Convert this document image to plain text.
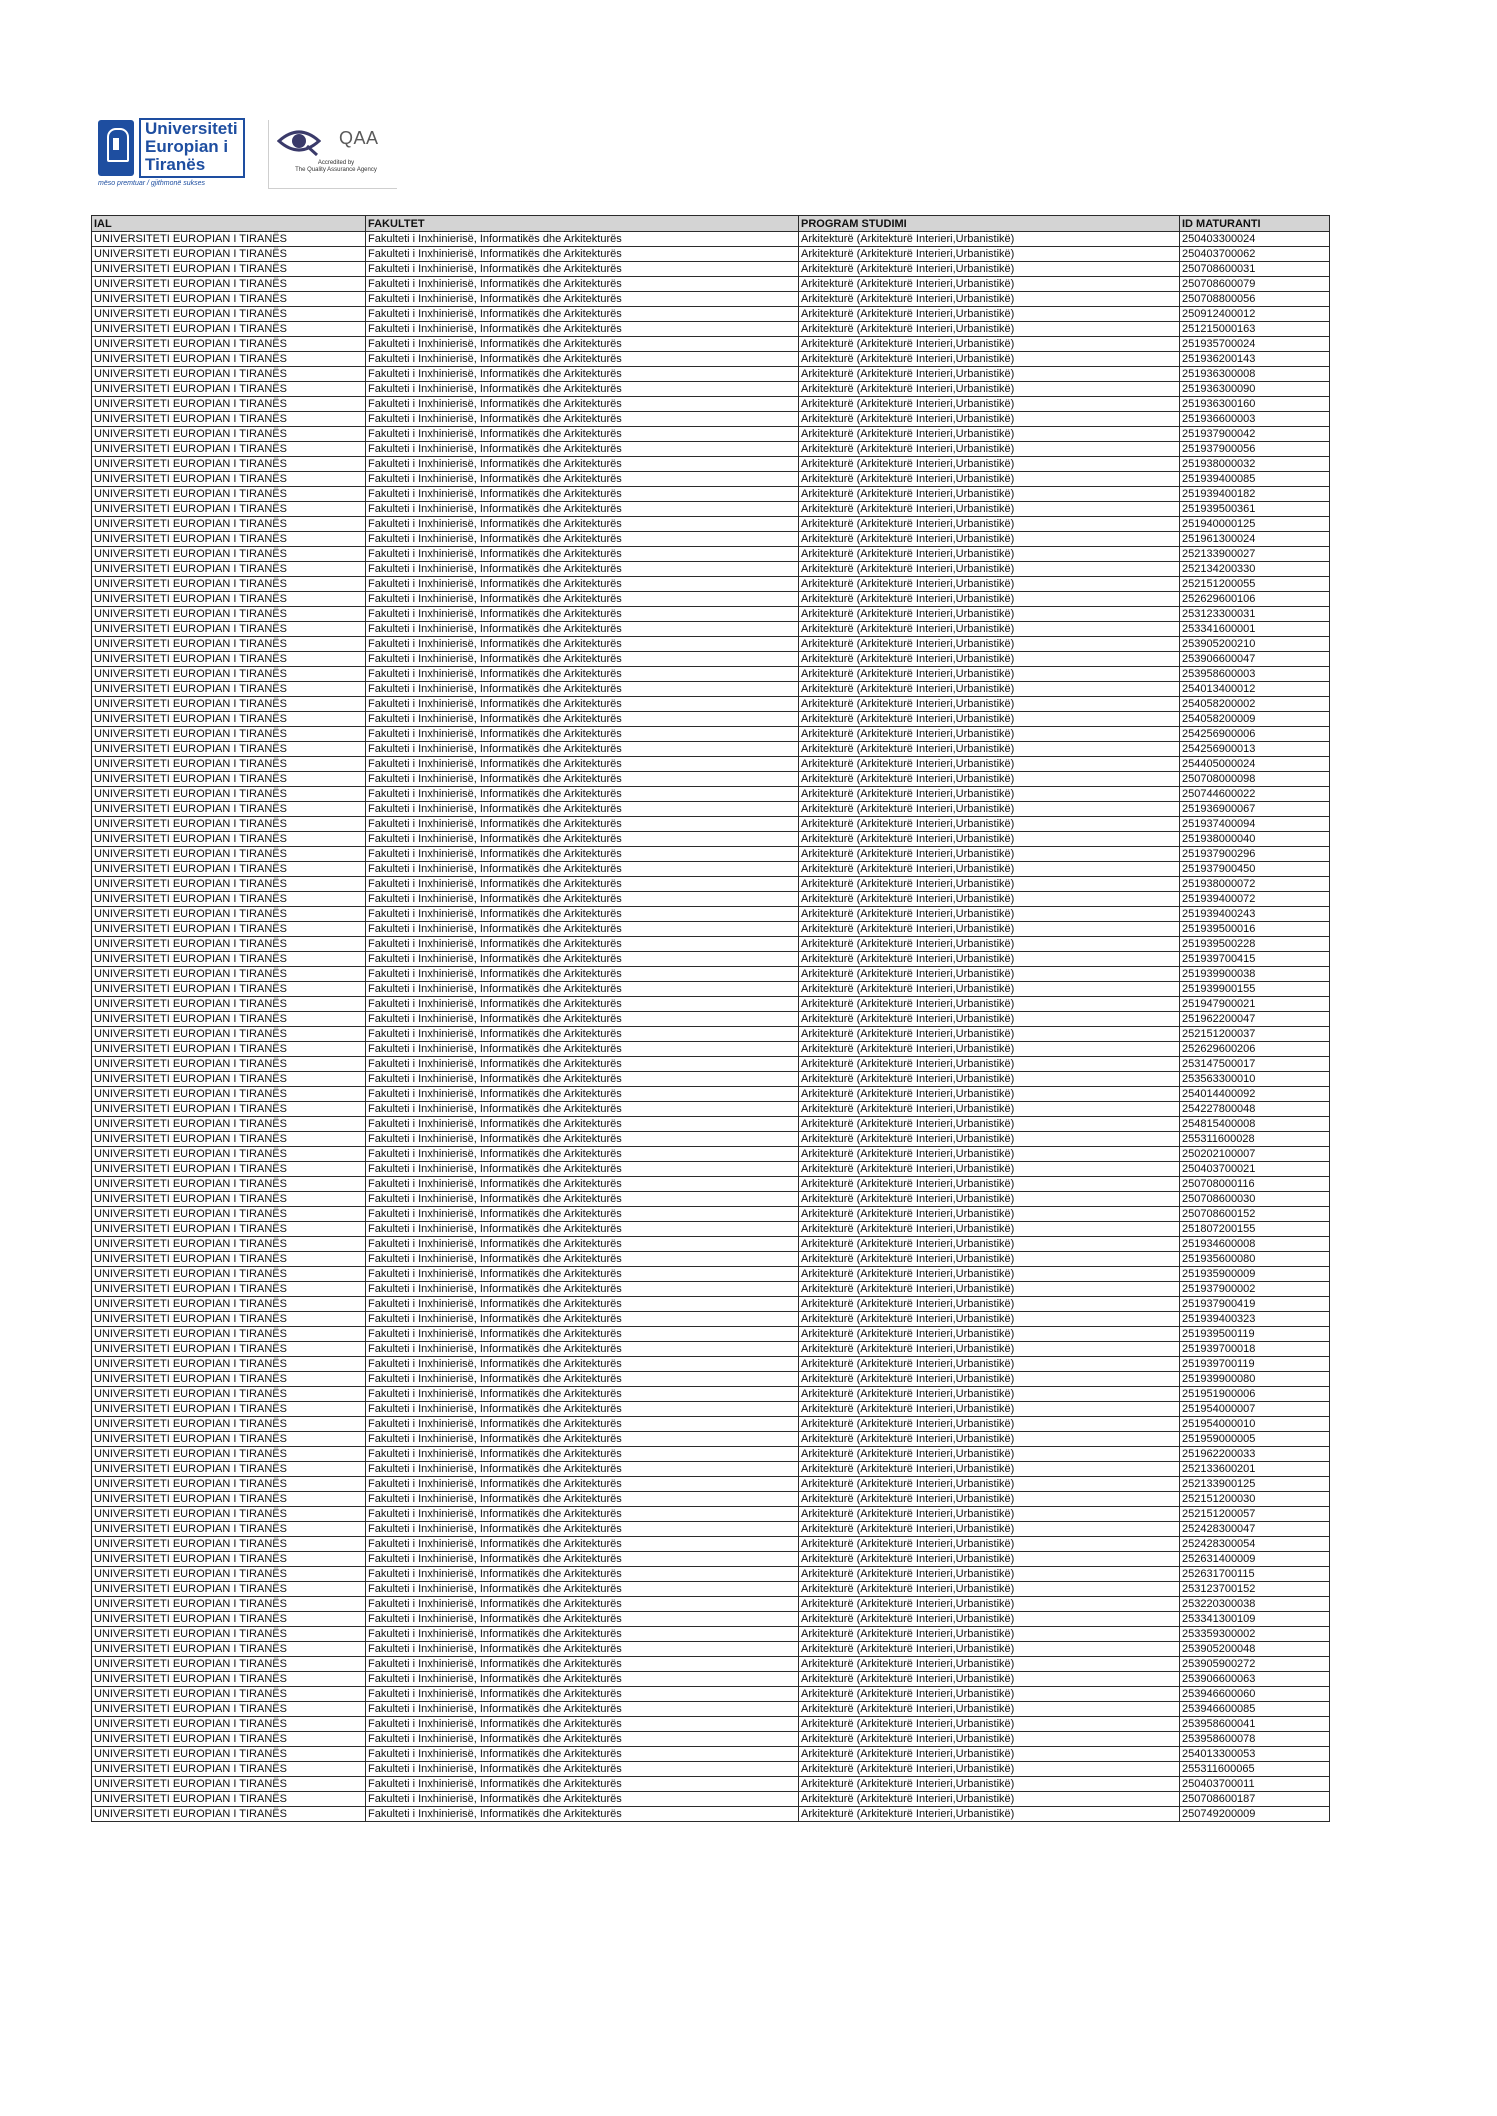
Universiteti
Europian i
Tiranës
mëso premtuar / gjithmonë sukses
QAA
Accredited by
The Quality Assurance Agency
IAL	FAKULTET	PROGRAM STUDIMI	ID MATURANTI
UNIVERSITETI EUROPIAN I TIRANËS	Fakulteti i Inxhinierisë, Informatikës dhe Arkitekturës	Arkitekturë (Arkitekturë Interieri,Urbanistikë)	250403300024
UNIVERSITETI EUROPIAN I TIRANËS	Fakulteti i Inxhinierisë, Informatikës dhe Arkitekturës	Arkitekturë (Arkitekturë Interieri,Urbanistikë)	250403700062
UNIVERSITETI EUROPIAN I TIRANËS	Fakulteti i Inxhinierisë, Informatikës dhe Arkitekturës	Arkitekturë (Arkitekturë Interieri,Urbanistikë)	250708600031
UNIVERSITETI EUROPIAN I TIRANËS	Fakulteti i Inxhinierisë, Informatikës dhe Arkitekturës	Arkitekturë (Arkitekturë Interieri,Urbanistikë)	250708600079
UNIVERSITETI EUROPIAN I TIRANËS	Fakulteti i Inxhinierisë, Informatikës dhe Arkitekturës	Arkitekturë (Arkitekturë Interieri,Urbanistikë)	250708800056
UNIVERSITETI EUROPIAN I TIRANËS	Fakulteti i Inxhinierisë, Informatikës dhe Arkitekturës	Arkitekturë (Arkitekturë Interieri,Urbanistikë)	250912400012
UNIVERSITETI EUROPIAN I TIRANËS	Fakulteti i Inxhinierisë, Informatikës dhe Arkitekturës	Arkitekturë (Arkitekturë Interieri,Urbanistikë)	251215000163
UNIVERSITETI EUROPIAN I TIRANËS	Fakulteti i Inxhinierisë, Informatikës dhe Arkitekturës	Arkitekturë (Arkitekturë Interieri,Urbanistikë)	251935700024
UNIVERSITETI EUROPIAN I TIRANËS	Fakulteti i Inxhinierisë, Informatikës dhe Arkitekturës	Arkitekturë (Arkitekturë Interieri,Urbanistikë)	251936200143
UNIVERSITETI EUROPIAN I TIRANËS	Fakulteti i Inxhinierisë, Informatikës dhe Arkitekturës	Arkitekturë (Arkitekturë Interieri,Urbanistikë)	251936300008
UNIVERSITETI EUROPIAN I TIRANËS	Fakulteti i Inxhinierisë, Informatikës dhe Arkitekturës	Arkitekturë (Arkitekturë Interieri,Urbanistikë)	251936300090
UNIVERSITETI EUROPIAN I TIRANËS	Fakulteti i Inxhinierisë, Informatikës dhe Arkitekturës	Arkitekturë (Arkitekturë Interieri,Urbanistikë)	251936300160
UNIVERSITETI EUROPIAN I TIRANËS	Fakulteti i Inxhinierisë, Informatikës dhe Arkitekturës	Arkitekturë (Arkitekturë Interieri,Urbanistikë)	251936600003
UNIVERSITETI EUROPIAN I TIRANËS	Fakulteti i Inxhinierisë, Informatikës dhe Arkitekturës	Arkitekturë (Arkitekturë Interieri,Urbanistikë)	251937900042
UNIVERSITETI EUROPIAN I TIRANËS	Fakulteti i Inxhinierisë, Informatikës dhe Arkitekturës	Arkitekturë (Arkitekturë Interieri,Urbanistikë)	251937900056
UNIVERSITETI EUROPIAN I TIRANËS	Fakulteti i Inxhinierisë, Informatikës dhe Arkitekturës	Arkitekturë (Arkitekturë Interieri,Urbanistikë)	251938000032
UNIVERSITETI EUROPIAN I TIRANËS	Fakulteti i Inxhinierisë, Informatikës dhe Arkitekturës	Arkitekturë (Arkitekturë Interieri,Urbanistikë)	251939400085
UNIVERSITETI EUROPIAN I TIRANËS	Fakulteti i Inxhinierisë, Informatikës dhe Arkitekturës	Arkitekturë (Arkitekturë Interieri,Urbanistikë)	251939400182
UNIVERSITETI EUROPIAN I TIRANËS	Fakulteti i Inxhinierisë, Informatikës dhe Arkitekturës	Arkitekturë (Arkitekturë Interieri,Urbanistikë)	251939500361
UNIVERSITETI EUROPIAN I TIRANËS	Fakulteti i Inxhinierisë, Informatikës dhe Arkitekturës	Arkitekturë (Arkitekturë Interieri,Urbanistikë)	251940000125
UNIVERSITETI EUROPIAN I TIRANËS	Fakulteti i Inxhinierisë, Informatikës dhe Arkitekturës	Arkitekturë (Arkitekturë Interieri,Urbanistikë)	251961300024
UNIVERSITETI EUROPIAN I TIRANËS	Fakulteti i Inxhinierisë, Informatikës dhe Arkitekturës	Arkitekturë (Arkitekturë Interieri,Urbanistikë)	252133900027
UNIVERSITETI EUROPIAN I TIRANËS	Fakulteti i Inxhinierisë, Informatikës dhe Arkitekturës	Arkitekturë (Arkitekturë Interieri,Urbanistikë)	252134200330
UNIVERSITETI EUROPIAN I TIRANËS	Fakulteti i Inxhinierisë, Informatikës dhe Arkitekturës	Arkitekturë (Arkitekturë Interieri,Urbanistikë)	252151200055
UNIVERSITETI EUROPIAN I TIRANËS	Fakulteti i Inxhinierisë, Informatikës dhe Arkitekturës	Arkitekturë (Arkitekturë Interieri,Urbanistikë)	252629600106
UNIVERSITETI EUROPIAN I TIRANËS	Fakulteti i Inxhinierisë, Informatikës dhe Arkitekturës	Arkitekturë (Arkitekturë Interieri,Urbanistikë)	253123300031
UNIVERSITETI EUROPIAN I TIRANËS	Fakulteti i Inxhinierisë, Informatikës dhe Arkitekturës	Arkitekturë (Arkitekturë Interieri,Urbanistikë)	253341600001
UNIVERSITETI EUROPIAN I TIRANËS	Fakulteti i Inxhinierisë, Informatikës dhe Arkitekturës	Arkitekturë (Arkitekturë Interieri,Urbanistikë)	253905200210
UNIVERSITETI EUROPIAN I TIRANËS	Fakulteti i Inxhinierisë, Informatikës dhe Arkitekturës	Arkitekturë (Arkitekturë Interieri,Urbanistikë)	253906600047
UNIVERSITETI EUROPIAN I TIRANËS	Fakulteti i Inxhinierisë, Informatikës dhe Arkitekturës	Arkitekturë (Arkitekturë Interieri,Urbanistikë)	253958600003
UNIVERSITETI EUROPIAN I TIRANËS	Fakulteti i Inxhinierisë, Informatikës dhe Arkitekturës	Arkitekturë (Arkitekturë Interieri,Urbanistikë)	254013400012
UNIVERSITETI EUROPIAN I TIRANËS	Fakulteti i Inxhinierisë, Informatikës dhe Arkitekturës	Arkitekturë (Arkitekturë Interieri,Urbanistikë)	254058200002
UNIVERSITETI EUROPIAN I TIRANËS	Fakulteti i Inxhinierisë, Informatikës dhe Arkitekturës	Arkitekturë (Arkitekturë Interieri,Urbanistikë)	254058200009
UNIVERSITETI EUROPIAN I TIRANËS	Fakulteti i Inxhinierisë, Informatikës dhe Arkitekturës	Arkitekturë (Arkitekturë Interieri,Urbanistikë)	254256900006
UNIVERSITETI EUROPIAN I TIRANËS	Fakulteti i Inxhinierisë, Informatikës dhe Arkitekturës	Arkitekturë (Arkitekturë Interieri,Urbanistikë)	254256900013
UNIVERSITETI EUROPIAN I TIRANËS	Fakulteti i Inxhinierisë, Informatikës dhe Arkitekturës	Arkitekturë (Arkitekturë Interieri,Urbanistikë)	254405000024
UNIVERSITETI EUROPIAN I TIRANËS	Fakulteti i Inxhinierisë, Informatikës dhe Arkitekturës	Arkitekturë (Arkitekturë Interieri,Urbanistikë)	250708000098
UNIVERSITETI EUROPIAN I TIRANËS	Fakulteti i Inxhinierisë, Informatikës dhe Arkitekturës	Arkitekturë (Arkitekturë Interieri,Urbanistikë)	250744600022
UNIVERSITETI EUROPIAN I TIRANËS	Fakulteti i Inxhinierisë, Informatikës dhe Arkitekturës	Arkitekturë (Arkitekturë Interieri,Urbanistikë)	251936900067
UNIVERSITETI EUROPIAN I TIRANËS	Fakulteti i Inxhinierisë, Informatikës dhe Arkitekturës	Arkitekturë (Arkitekturë Interieri,Urbanistikë)	251937400094
UNIVERSITETI EUROPIAN I TIRANËS	Fakulteti i Inxhinierisë, Informatikës dhe Arkitekturës	Arkitekturë (Arkitekturë Interieri,Urbanistikë)	251938000040
UNIVERSITETI EUROPIAN I TIRANËS	Fakulteti i Inxhinierisë, Informatikës dhe Arkitekturës	Arkitekturë (Arkitekturë Interieri,Urbanistikë)	251937900296
UNIVERSITETI EUROPIAN I TIRANËS	Fakulteti i Inxhinierisë, Informatikës dhe Arkitekturës	Arkitekturë (Arkitekturë Interieri,Urbanistikë)	251937900450
UNIVERSITETI EUROPIAN I TIRANËS	Fakulteti i Inxhinierisë, Informatikës dhe Arkitekturës	Arkitekturë (Arkitekturë Interieri,Urbanistikë)	251938000072
UNIVERSITETI EUROPIAN I TIRANËS	Fakulteti i Inxhinierisë, Informatikës dhe Arkitekturës	Arkitekturë (Arkitekturë Interieri,Urbanistikë)	251939400072
UNIVERSITETI EUROPIAN I TIRANËS	Fakulteti i Inxhinierisë, Informatikës dhe Arkitekturës	Arkitekturë (Arkitekturë Interieri,Urbanistikë)	251939400243
UNIVERSITETI EUROPIAN I TIRANËS	Fakulteti i Inxhinierisë, Informatikës dhe Arkitekturës	Arkitekturë (Arkitekturë Interieri,Urbanistikë)	251939500016
UNIVERSITETI EUROPIAN I TIRANËS	Fakulteti i Inxhinierisë, Informatikës dhe Arkitekturës	Arkitekturë (Arkitekturë Interieri,Urbanistikë)	251939500228
UNIVERSITETI EUROPIAN I TIRANËS	Fakulteti i Inxhinierisë, Informatikës dhe Arkitekturës	Arkitekturë (Arkitekturë Interieri,Urbanistikë)	251939700415
UNIVERSITETI EUROPIAN I TIRANËS	Fakulteti i Inxhinierisë, Informatikës dhe Arkitekturës	Arkitekturë (Arkitekturë Interieri,Urbanistikë)	251939900038
UNIVERSITETI EUROPIAN I TIRANËS	Fakulteti i Inxhinierisë, Informatikës dhe Arkitekturës	Arkitekturë (Arkitekturë Interieri,Urbanistikë)	251939900155
UNIVERSITETI EUROPIAN I TIRANËS	Fakulteti i Inxhinierisë, Informatikës dhe Arkitekturës	Arkitekturë (Arkitekturë Interieri,Urbanistikë)	251947900021
UNIVERSITETI EUROPIAN I TIRANËS	Fakulteti i Inxhinierisë, Informatikës dhe Arkitekturës	Arkitekturë (Arkitekturë Interieri,Urbanistikë)	251962200047
UNIVERSITETI EUROPIAN I TIRANËS	Fakulteti i Inxhinierisë, Informatikës dhe Arkitekturës	Arkitekturë (Arkitekturë Interieri,Urbanistikë)	252151200037
UNIVERSITETI EUROPIAN I TIRANËS	Fakulteti i Inxhinierisë, Informatikës dhe Arkitekturës	Arkitekturë (Arkitekturë Interieri,Urbanistikë)	252629600206
UNIVERSITETI EUROPIAN I TIRANËS	Fakulteti i Inxhinierisë, Informatikës dhe Arkitekturës	Arkitekturë (Arkitekturë Interieri,Urbanistikë)	253147500017
UNIVERSITETI EUROPIAN I TIRANËS	Fakulteti i Inxhinierisë, Informatikës dhe Arkitekturës	Arkitekturë (Arkitekturë Interieri,Urbanistikë)	253563300010
UNIVERSITETI EUROPIAN I TIRANËS	Fakulteti i Inxhinierisë, Informatikës dhe Arkitekturës	Arkitekturë (Arkitekturë Interieri,Urbanistikë)	254014400092
UNIVERSITETI EUROPIAN I TIRANËS	Fakulteti i Inxhinierisë, Informatikës dhe Arkitekturës	Arkitekturë (Arkitekturë Interieri,Urbanistikë)	254227800048
UNIVERSITETI EUROPIAN I TIRANËS	Fakulteti i Inxhinierisë, Informatikës dhe Arkitekturës	Arkitekturë (Arkitekturë Interieri,Urbanistikë)	254815400008
UNIVERSITETI EUROPIAN I TIRANËS	Fakulteti i Inxhinierisë, Informatikës dhe Arkitekturës	Arkitekturë (Arkitekturë Interieri,Urbanistikë)	255311600028
UNIVERSITETI EUROPIAN I TIRANËS	Fakulteti i Inxhinierisë, Informatikës dhe Arkitekturës	Arkitekturë (Arkitekturë Interieri,Urbanistikë)	250202100007
UNIVERSITETI EUROPIAN I TIRANËS	Fakulteti i Inxhinierisë, Informatikës dhe Arkitekturës	Arkitekturë (Arkitekturë Interieri,Urbanistikë)	250403700021
UNIVERSITETI EUROPIAN I TIRANËS	Fakulteti i Inxhinierisë, Informatikës dhe Arkitekturës	Arkitekturë (Arkitekturë Interieri,Urbanistikë)	250708000116
UNIVERSITETI EUROPIAN I TIRANËS	Fakulteti i Inxhinierisë, Informatikës dhe Arkitekturës	Arkitekturë (Arkitekturë Interieri,Urbanistikë)	250708600030
UNIVERSITETI EUROPIAN I TIRANËS	Fakulteti i Inxhinierisë, Informatikës dhe Arkitekturës	Arkitekturë (Arkitekturë Interieri,Urbanistikë)	250708600152
UNIVERSITETI EUROPIAN I TIRANËS	Fakulteti i Inxhinierisë, Informatikës dhe Arkitekturës	Arkitekturë (Arkitekturë Interieri,Urbanistikë)	251807200155
UNIVERSITETI EUROPIAN I TIRANËS	Fakulteti i Inxhinierisë, Informatikës dhe Arkitekturës	Arkitekturë (Arkitekturë Interieri,Urbanistikë)	251934600008
UNIVERSITETI EUROPIAN I TIRANËS	Fakulteti i Inxhinierisë, Informatikës dhe Arkitekturës	Arkitekturë (Arkitekturë Interieri,Urbanistikë)	251935600080
UNIVERSITETI EUROPIAN I TIRANËS	Fakulteti i Inxhinierisë, Informatikës dhe Arkitekturës	Arkitekturë (Arkitekturë Interieri,Urbanistikë)	251935900009
UNIVERSITETI EUROPIAN I TIRANËS	Fakulteti i Inxhinierisë, Informatikës dhe Arkitekturës	Arkitekturë (Arkitekturë Interieri,Urbanistikë)	251937900002
UNIVERSITETI EUROPIAN I TIRANËS	Fakulteti i Inxhinierisë, Informatikës dhe Arkitekturës	Arkitekturë (Arkitekturë Interieri,Urbanistikë)	251937900419
UNIVERSITETI EUROPIAN I TIRANËS	Fakulteti i Inxhinierisë, Informatikës dhe Arkitekturës	Arkitekturë (Arkitekturë Interieri,Urbanistikë)	251939400323
UNIVERSITETI EUROPIAN I TIRANËS	Fakulteti i Inxhinierisë, Informatikës dhe Arkitekturës	Arkitekturë (Arkitekturë Interieri,Urbanistikë)	251939500119
UNIVERSITETI EUROPIAN I TIRANËS	Fakulteti i Inxhinierisë, Informatikës dhe Arkitekturës	Arkitekturë (Arkitekturë Interieri,Urbanistikë)	251939700018
UNIVERSITETI EUROPIAN I TIRANËS	Fakulteti i Inxhinierisë, Informatikës dhe Arkitekturës	Arkitekturë (Arkitekturë Interieri,Urbanistikë)	251939700119
UNIVERSITETI EUROPIAN I TIRANËS	Fakulteti i Inxhinierisë, Informatikës dhe Arkitekturës	Arkitekturë (Arkitekturë Interieri,Urbanistikë)	251939900080
UNIVERSITETI EUROPIAN I TIRANËS	Fakulteti i Inxhinierisë, Informatikës dhe Arkitekturës	Arkitekturë (Arkitekturë Interieri,Urbanistikë)	251951900006
UNIVERSITETI EUROPIAN I TIRANËS	Fakulteti i Inxhinierisë, Informatikës dhe Arkitekturës	Arkitekturë (Arkitekturë Interieri,Urbanistikë)	251954000007
UNIVERSITETI EUROPIAN I TIRANËS	Fakulteti i Inxhinierisë, Informatikës dhe Arkitekturës	Arkitekturë (Arkitekturë Interieri,Urbanistikë)	251954000010
UNIVERSITETI EUROPIAN I TIRANËS	Fakulteti i Inxhinierisë, Informatikës dhe Arkitekturës	Arkitekturë (Arkitekturë Interieri,Urbanistikë)	251959000005
UNIVERSITETI EUROPIAN I TIRANËS	Fakulteti i Inxhinierisë, Informatikës dhe Arkitekturës	Arkitekturë (Arkitekturë Interieri,Urbanistikë)	251962200033
UNIVERSITETI EUROPIAN I TIRANËS	Fakulteti i Inxhinierisë, Informatikës dhe Arkitekturës	Arkitekturë (Arkitekturë Interieri,Urbanistikë)	252133600201
UNIVERSITETI EUROPIAN I TIRANËS	Fakulteti i Inxhinierisë, Informatikës dhe Arkitekturës	Arkitekturë (Arkitekturë Interieri,Urbanistikë)	252133900125
UNIVERSITETI EUROPIAN I TIRANËS	Fakulteti i Inxhinierisë, Informatikës dhe Arkitekturës	Arkitekturë (Arkitekturë Interieri,Urbanistikë)	252151200030
UNIVERSITETI EUROPIAN I TIRANËS	Fakulteti i Inxhinierisë, Informatikës dhe Arkitekturës	Arkitekturë (Arkitekturë Interieri,Urbanistikë)	252151200057
UNIVERSITETI EUROPIAN I TIRANËS	Fakulteti i Inxhinierisë, Informatikës dhe Arkitekturës	Arkitekturë (Arkitekturë Interieri,Urbanistikë)	252428300047
UNIVERSITETI EUROPIAN I TIRANËS	Fakulteti i Inxhinierisë, Informatikës dhe Arkitekturës	Arkitekturë (Arkitekturë Interieri,Urbanistikë)	252428300054
UNIVERSITETI EUROPIAN I TIRANËS	Fakulteti i Inxhinierisë, Informatikës dhe Arkitekturës	Arkitekturë (Arkitekturë Interieri,Urbanistikë)	252631400009
UNIVERSITETI EUROPIAN I TIRANËS	Fakulteti i Inxhinierisë, Informatikës dhe Arkitekturës	Arkitekturë (Arkitekturë Interieri,Urbanistikë)	252631700115
UNIVERSITETI EUROPIAN I TIRANËS	Fakulteti i Inxhinierisë, Informatikës dhe Arkitekturës	Arkitekturë (Arkitekturë Interieri,Urbanistikë)	253123700152
UNIVERSITETI EUROPIAN I TIRANËS	Fakulteti i Inxhinierisë, Informatikës dhe Arkitekturës	Arkitekturë (Arkitekturë Interieri,Urbanistikë)	253220300038
UNIVERSITETI EUROPIAN I TIRANËS	Fakulteti i Inxhinierisë, Informatikës dhe Arkitekturës	Arkitekturë (Arkitekturë Interieri,Urbanistikë)	253341300109
UNIVERSITETI EUROPIAN I TIRANËS	Fakulteti i Inxhinierisë, Informatikës dhe Arkitekturës	Arkitekturë (Arkitekturë Interieri,Urbanistikë)	253359300002
UNIVERSITETI EUROPIAN I TIRANËS	Fakulteti i Inxhinierisë, Informatikës dhe Arkitekturës	Arkitekturë (Arkitekturë Interieri,Urbanistikë)	253905200048
UNIVERSITETI EUROPIAN I TIRANËS	Fakulteti i Inxhinierisë, Informatikës dhe Arkitekturës	Arkitekturë (Arkitekturë Interieri,Urbanistikë)	253905900272
UNIVERSITETI EUROPIAN I TIRANËS	Fakulteti i Inxhinierisë, Informatikës dhe Arkitekturës	Arkitekturë (Arkitekturë Interieri,Urbanistikë)	253906600063
UNIVERSITETI EUROPIAN I TIRANËS	Fakulteti i Inxhinierisë, Informatikës dhe Arkitekturës	Arkitekturë (Arkitekturë Interieri,Urbanistikë)	253946600060
UNIVERSITETI EUROPIAN I TIRANËS	Fakulteti i Inxhinierisë, Informatikës dhe Arkitekturës	Arkitekturë (Arkitekturë Interieri,Urbanistikë)	253946600085
UNIVERSITETI EUROPIAN I TIRANËS	Fakulteti i Inxhinierisë, Informatikës dhe Arkitekturës	Arkitekturë (Arkitekturë Interieri,Urbanistikë)	253958600041
UNIVERSITETI EUROPIAN I TIRANËS	Fakulteti i Inxhinierisë, Informatikës dhe Arkitekturës	Arkitekturë (Arkitekturë Interieri,Urbanistikë)	253958600078
UNIVERSITETI EUROPIAN I TIRANËS	Fakulteti i Inxhinierisë, Informatikës dhe Arkitekturës	Arkitekturë (Arkitekturë Interieri,Urbanistikë)	254013300053
UNIVERSITETI EUROPIAN I TIRANËS	Fakulteti i Inxhinierisë, Informatikës dhe Arkitekturës	Arkitekturë (Arkitekturë Interieri,Urbanistikë)	255311600065
UNIVERSITETI EUROPIAN I TIRANËS	Fakulteti i Inxhinierisë, Informatikës dhe Arkitekturës	Arkitekturë (Arkitekturë Interieri,Urbanistikë)	250403700011
UNIVERSITETI EUROPIAN I TIRANËS	Fakulteti i Inxhinierisë, Informatikës dhe Arkitekturës	Arkitekturë (Arkitekturë Interieri,Urbanistikë)	250708600187
UNIVERSITETI EUROPIAN I TIRANËS	Fakulteti i Inxhinierisë, Informatikës dhe Arkitekturës	Arkitekturë (Arkitekturë Interieri,Urbanistikë)	250749200009
